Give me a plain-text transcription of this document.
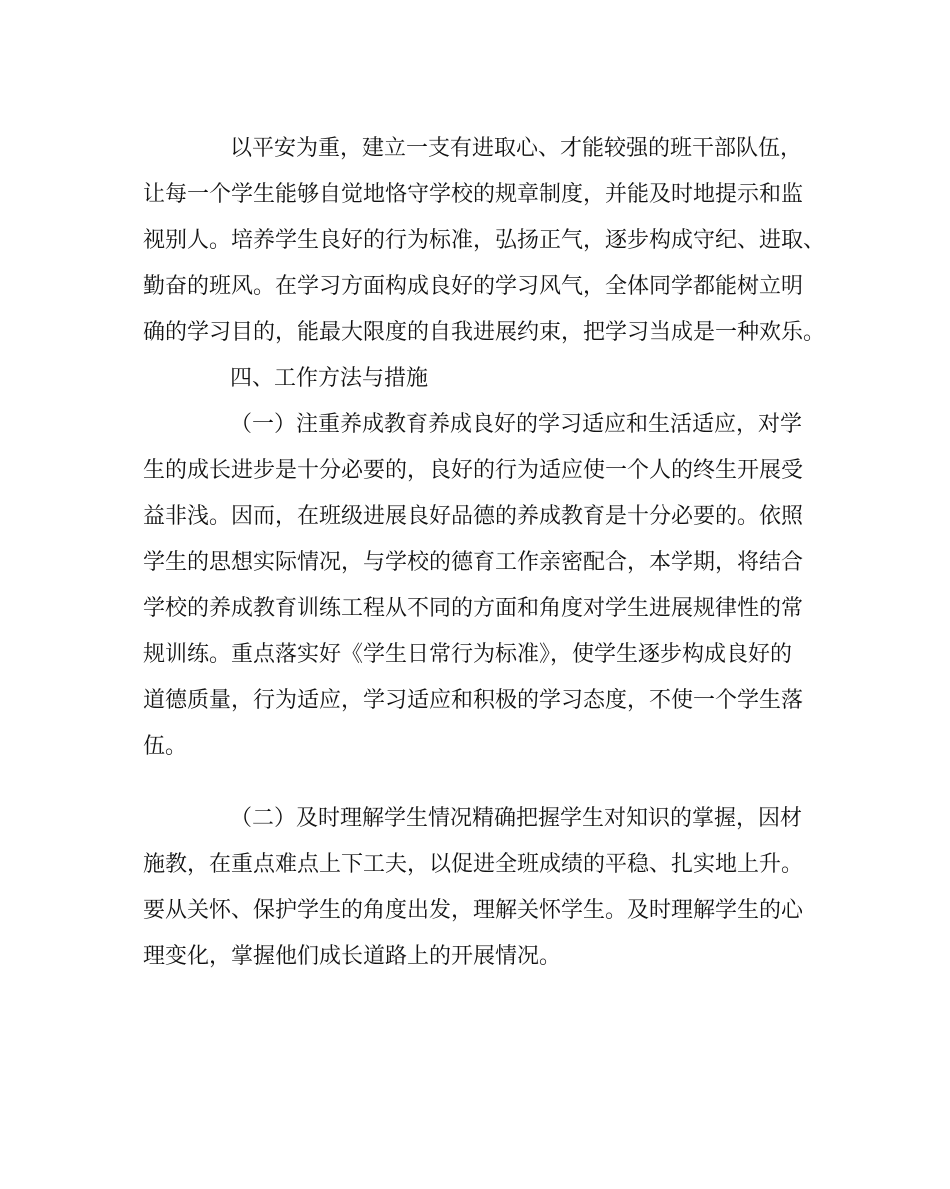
以平安为重，建立一支有进取心、才能较强的班干部队伍，
让每一个学生能够自觉地恪守学校的规章制度，并能及时地提示和监
视别人。培养学生良好的行为标准，弘扬正气，逐步构成守纪、进取、
勤奋的班风。在学习方面构成良好的学习风气，全体同学都能树立明
确的学习目的，能最大限度的自我进展约束，把学习当成是一种欢乐。
四、工作方法与措施
（一）注重养成教育养成良好的学习适应和生活适应，对学
生的成长进步是十分必要的，良好的行为适应使一个人的终生开展受
益非浅。因而，在班级进展良好品德的养成教育是十分必要的。依照
学生的思想实际情况，与学校的德育工作亲密配合，本学期，将结合
学校的养成教育训练工程从不同的方面和角度对学生进展规律性的常
规训练。重点落实好《学生日常行为标准》，使学生逐步构成良好的
道德质量，行为适应，学习适应和积极的学习态度，不使一个学生落
伍。
（二）及时理解学生情况精确把握学生对知识的掌握，因材
施教，在重点难点上下工夫，以促进全班成绩的平稳、扎实地上升。
要从关怀、保护学生的角度出发，理解关怀学生。及时理解学生的心
理变化，掌握他们成长道路上的开展情况。
